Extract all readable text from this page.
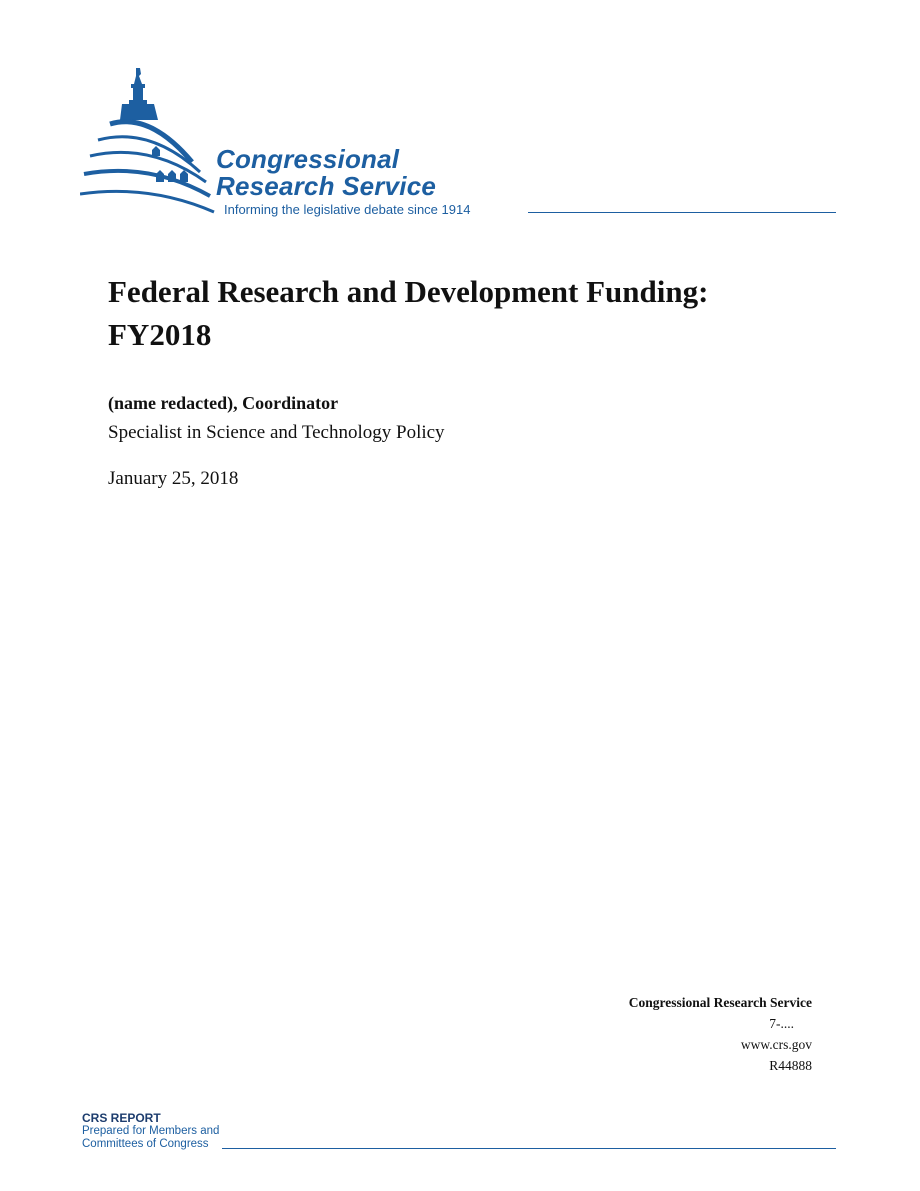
Congressional
Research Service
Informing the legislative debate since 1914
Federal Research and Development Funding:
FY2018
(name redacted), Coordinator
Specialist in Science and Technology Policy
January 25, 2018
Congressional Research Service
7-....
www.crs.gov
R44888
CRS REPORT
Prepared for Members and
Committees of Congress
